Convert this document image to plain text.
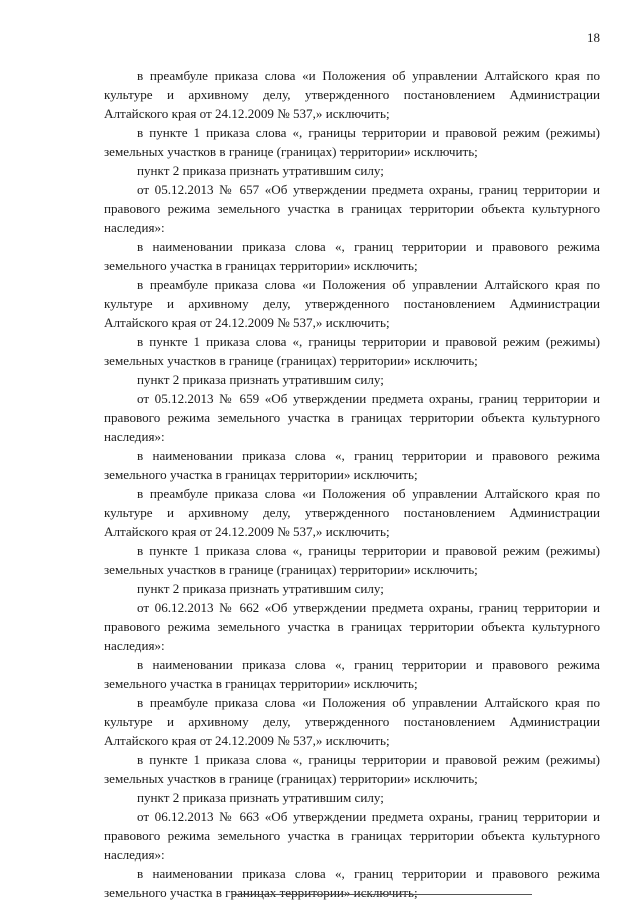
18

в преамбуле приказа слова «и Положения об управлении Алтайского края по культуре и архивному делу, утвержденного постановлением Администрации Алтайского края от 24.12.2009 № 537,» исключить;

в пункте 1 приказа слова «, границы территории и правовой режим (режимы) земельных участков в границе (границах) территории» исключить;

пункт 2 приказа признать утратившим силу;

от 05.12.2013 № 657 «Об утверждении предмета охраны, границ территории и правового режима земельного участка в границах территории объекта культурного наследия»:

в наименовании приказа слова «, границ территории и правового режима земельного участка в границах территории» исключить;

в преамбуле приказа слова «и Положения об управлении Алтайского края по культуре и архивному делу, утвержденного постановлением Администрации Алтайского края от 24.12.2009 № 537,» исключить;

в пункте 1 приказа слова «, границы территории и правовой режим (режимы) земельных участков в границе (границах) территории» исключить;

пункт 2 приказа признать утратившим силу;

от 05.12.2013 № 659 «Об утверждении предмета охраны, границ территории и правового режима земельного участка в границах территории объекта культурного наследия»:

в наименовании приказа слова «, границ территории и правового режима земельного участка в границах территории» исключить;

в преамбуле приказа слова «и Положения об управлении Алтайского края по культуре и архивному делу, утвержденного постановлением Администрации Алтайского края от 24.12.2009 № 537,» исключить;

в пункте 1 приказа слова «, границы территории и правовой режим (режимы) земельных участков в границе (границах) территории» исключить;

пункт 2 приказа признать утратившим силу;

от 06.12.2013 № 662 «Об утверждении предмета охраны, границ территории и правового режима земельного участка в границах территории объекта культурного наследия»:

в наименовании приказа слова «, границ территории и правового режима земельного участка в границах территории» исключить;

в преамбуле приказа слова «и Положения об управлении Алтайского края по культуре и архивному делу, утвержденного постановлением Администрации Алтайского края от 24.12.2009 № 537,» исключить;

в пункте 1 приказа слова «, границы территории и правовой режим (режимы) земельных участков в границе (границах) территории» исключить;

пункт 2 приказа признать утратившим силу;

от 06.12.2013 № 663 «Об утверждении предмета охраны, границ территории и правового режима земельного участка в границах территории объекта культурного наследия»:

в наименовании приказа слова «, границ территории и правового режима земельного участка в границах территории» исключить;
